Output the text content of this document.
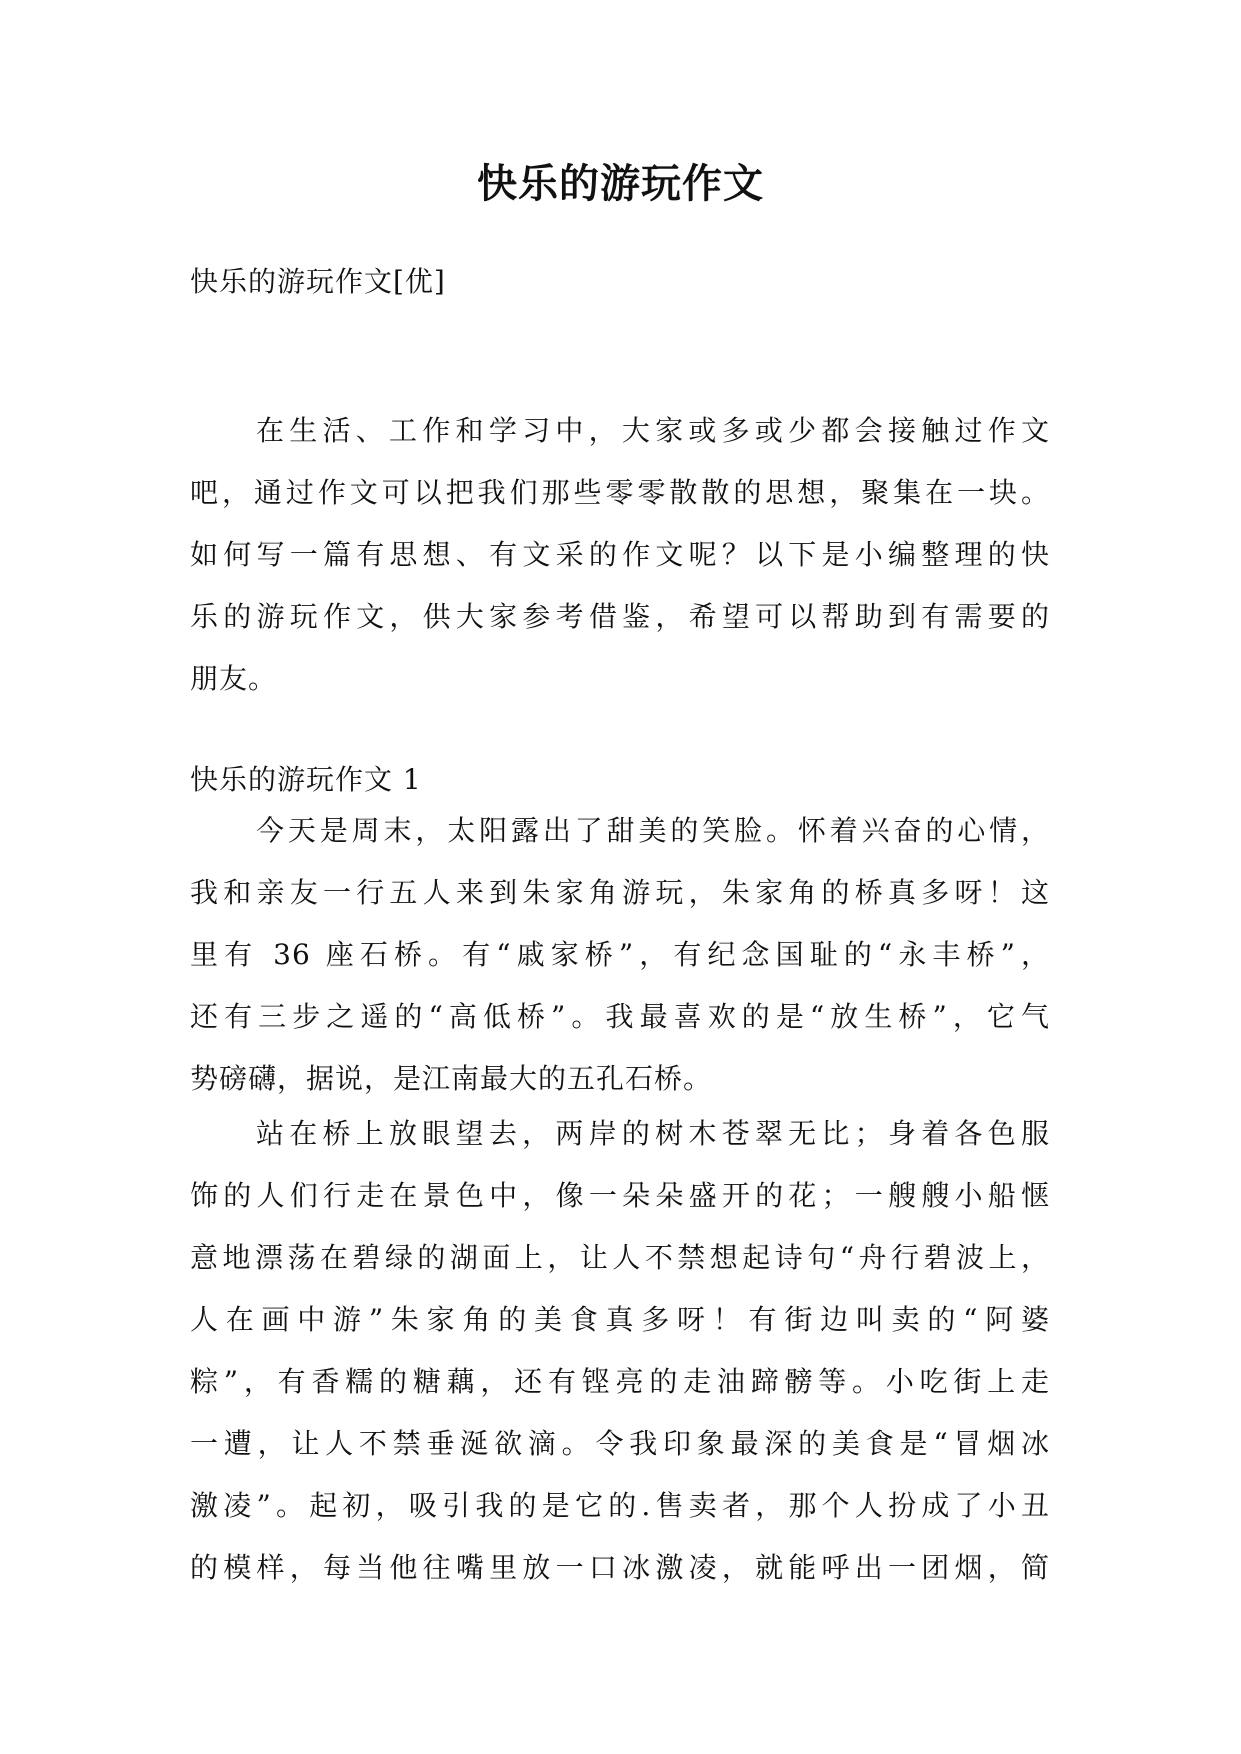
快乐的游玩作文
快乐的游玩作文[优]
在生活、工作和学习中，大家或多或少都会接触过作文
吧，通过作文可以把我们那些零零散散的思想，聚集在一块。
如何写一篇有思想、有文采的作文呢？以下是小编整理的快
乐的游玩作文，供大家参考借鉴，希望可以帮助到有需要的
朋友。
快乐的游玩作文 1
今天是周末，太阳露出了甜美的笑脸。怀着兴奋的心情，
我和亲友一行五人来到朱家角游玩，朱家角的桥真多呀！这
里有 36 座石桥。有“戚家桥”，有纪念国耻的“永丰桥”，
还有三步之遥的“高低桥”。我最喜欢的是“放生桥”，它气
势磅礴，据说，是江南最大的五孔石桥。
站在桥上放眼望去，两岸的树木苍翠无比；身着各色服
饰的人们行走在景色中，像一朵朵盛开的花；一艘艘小船惬
意地漂荡在碧绿的湖面上，让人不禁想起诗句“舟行碧波上，
人在画中游”朱家角的美食真多呀！有街边叫卖的“阿婆
粽”，有香糯的糖藕，还有铿亮的走油蹄髈等。小吃街上走
一遭，让人不禁垂涎欲滴。令我印象最深的美食是“冒烟冰
激凌”。起初，吸引我的是它的.售卖者，那个人扮成了小丑
的模样，每当他往嘴里放一口冰激凌，就能呼出一团烟，简
